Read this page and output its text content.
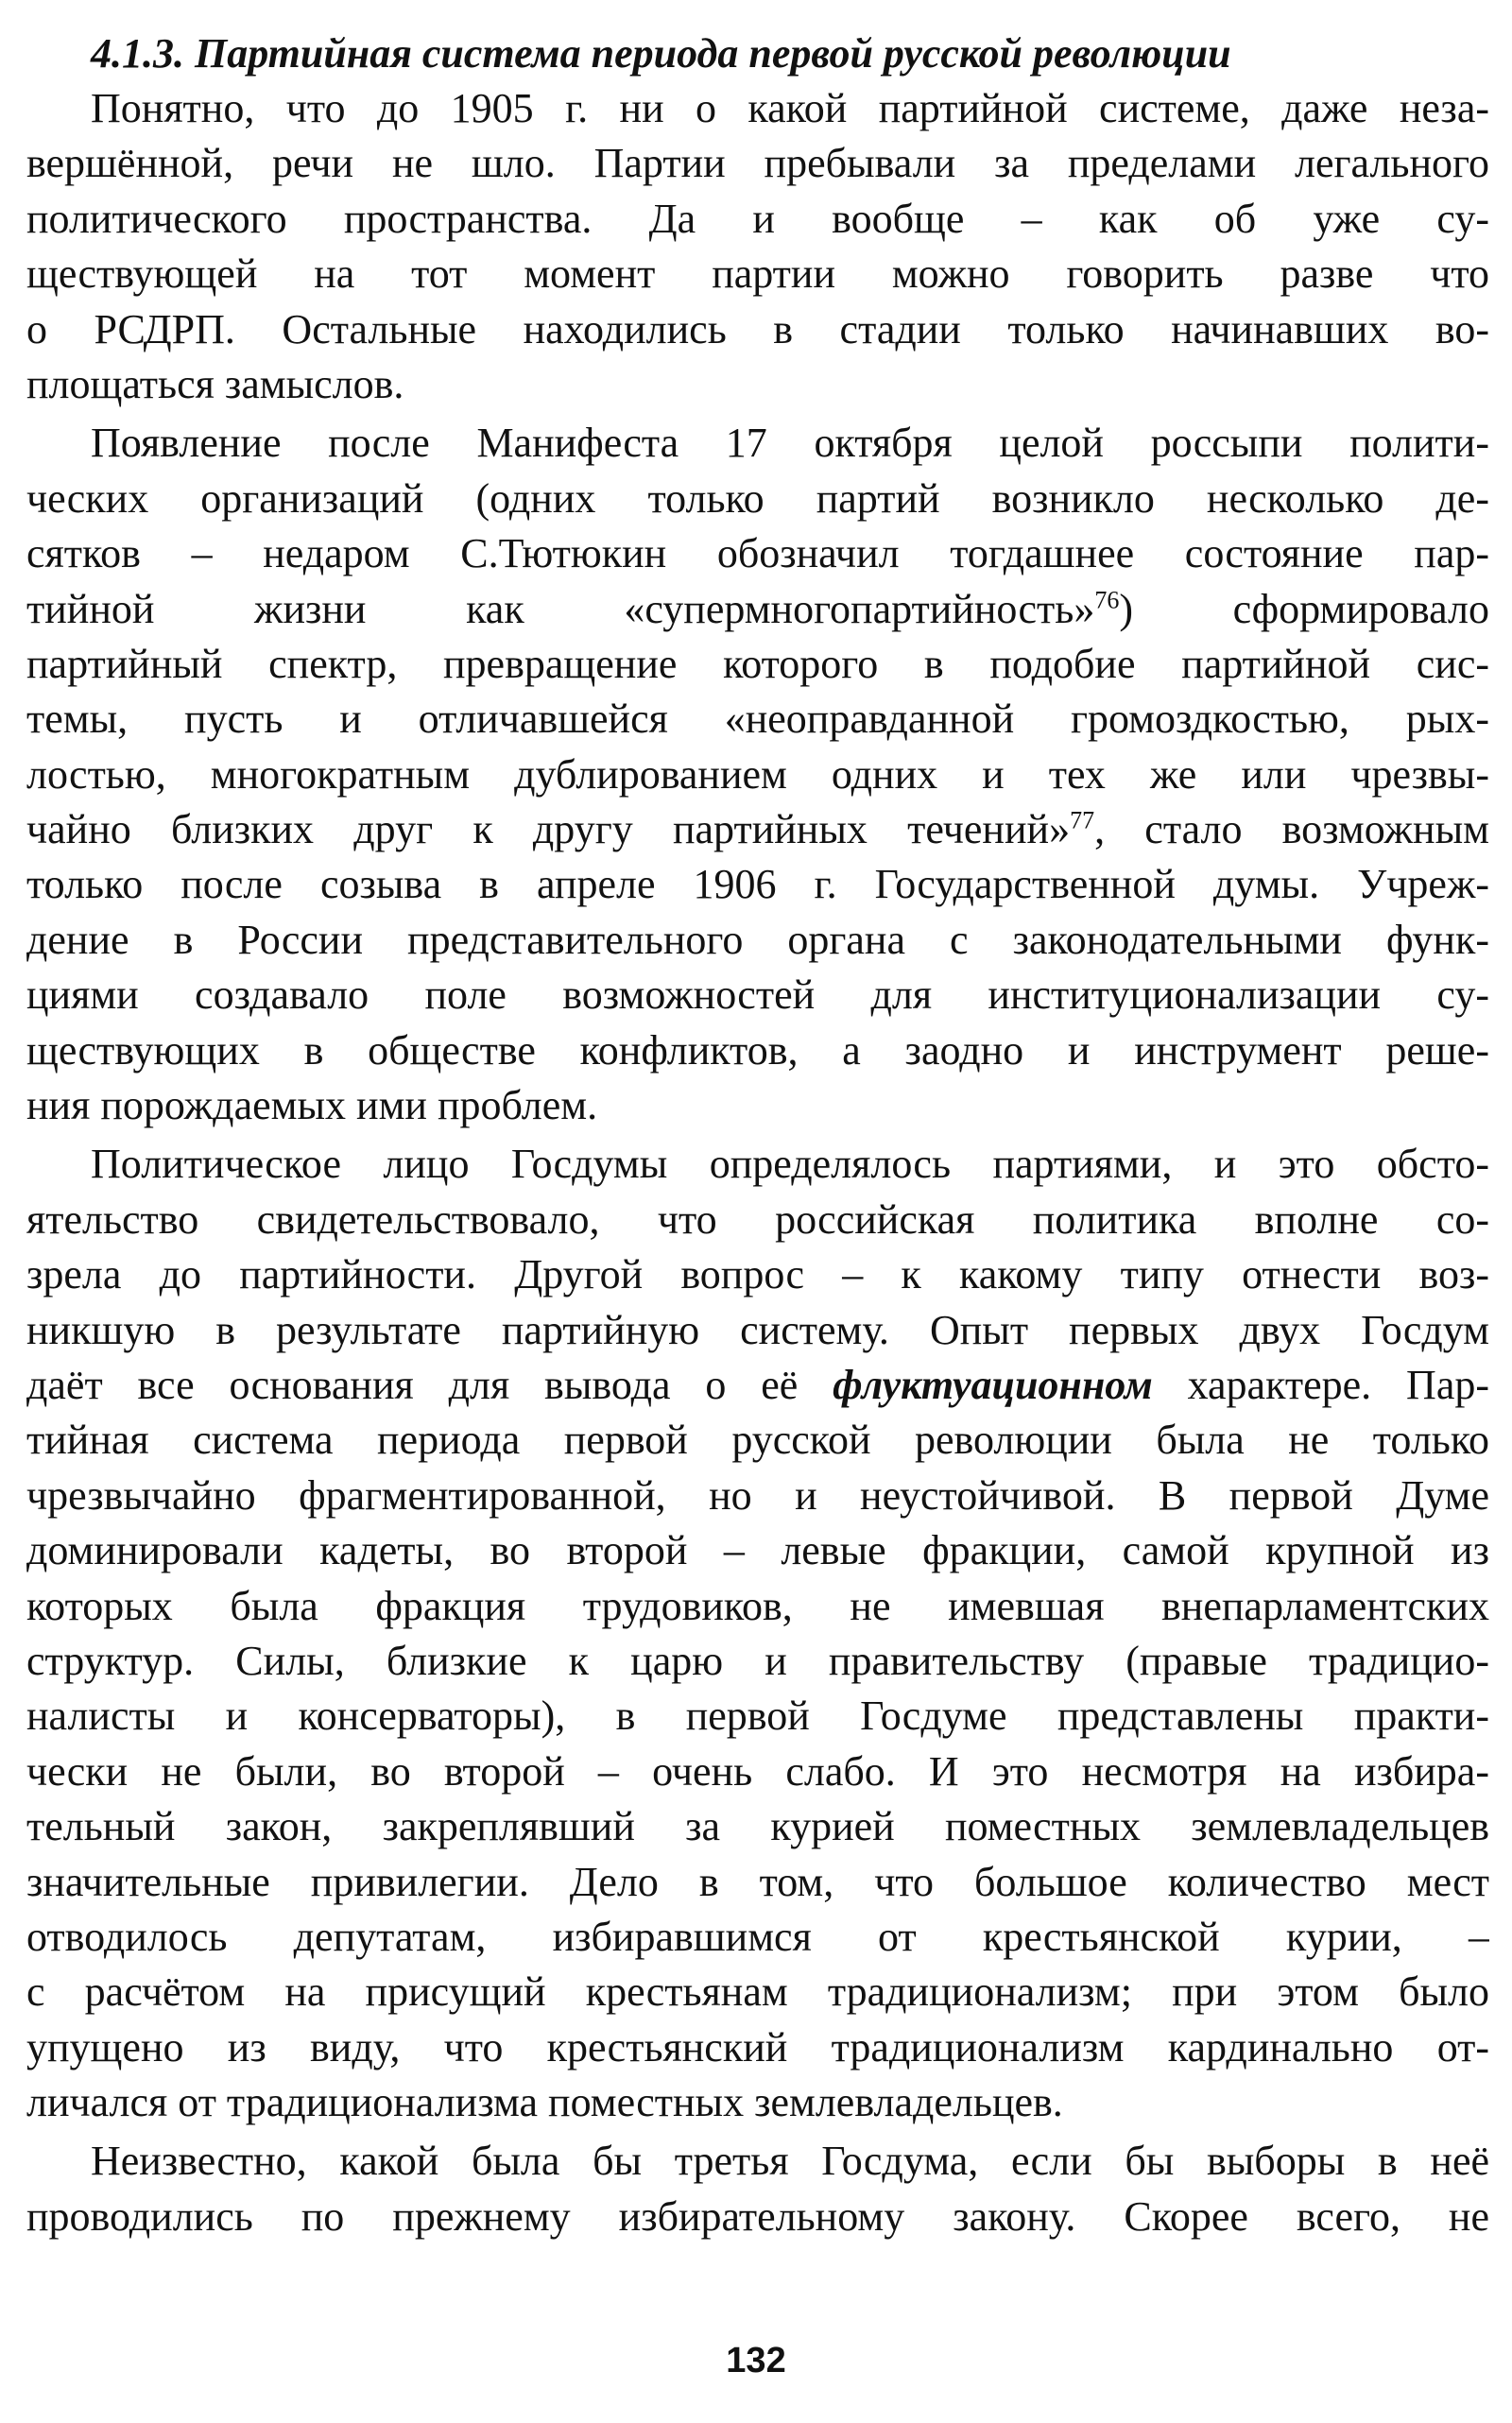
4.1.3. Партийная система периода первой русской революции
Понятно, что до 1905 г. ни о какой партийной системе, даже неза-
вершённой, речи не шло. Партии пребывали за пределами легального
политического пространства. Да и вообще – как об уже су-
ществующей на тот момент партии можно говорить разве что
о РСДРП. Остальные находились в стадии только начинавших во-
площаться замыслов.
Появление после Манифеста 17 октября целой россыпи полити-
ческих организаций (одних только партий возникло несколько де-
сятков – недаром С.Тютюкин обозначил тогдашнее состояние пар-
тийной жизни как «супермногопартийность»$^{76}$) сформировало
партийный спектр, превращение которого в подобие партийной сис-
темы, пусть и отличавшейся «неоправданной громоздкостью, рых-
лостью, многократным дублированием одних и тех же или чрезвы-
чайно близких друг к другу партийных течений»$^{77}$, стало возможным
только после созыва в апреле 1906 г. Государственной думы. Учреж-
дение в России представительного органа с законодательными функ-
циями создавало поле возможностей для институционализации су-
ществующих в обществе конфликтов, а заодно и инструмент реше-
ния порождаемых ими проблем.
Политическое лицо Госдумы определялось партиями, и это обсто-
ятельство свидетельствовало, что российская политика вполне со-
зрела до партийности. Другой вопрос – к какому типу отнести воз-
никшую в результате партийную систему. Опыт первых двух Госдум
даёт все основания для вывода о её флуктуационном характере. Пар-
тийная система периода первой русской революции была не только
чрезвычайно фрагментированной, но и неустойчивой. В первой Думе
доминировали кадеты, во второй – левые фракции, самой крупной из
которых была фракция трудовиков, не имевшая внепарламентских
структур. Силы, близкие к царю и правительству (правые традицио-
налисты и консерваторы), в первой Госдуме представлены практи-
чески не были, во второй – очень слабо. И это несмотря на избира-
тельный закон, закреплявший за курией поместных землевладельцев
значительные привилегии. Дело в том, что большое количество мест
отводилось депутатам, избиравшимся от крестьянской курии, –
с расчётом на присущий крестьянам традиционализм; при этом было
упущено из виду, что крестьянский традиционализм кардинально от-
личался от традиционализма поместных землевладельцев.
Неизвестно, какой была бы третья Госдума, если бы выборы в неё
проводились по прежнему избирательному закону. Скорее всего, не
132
